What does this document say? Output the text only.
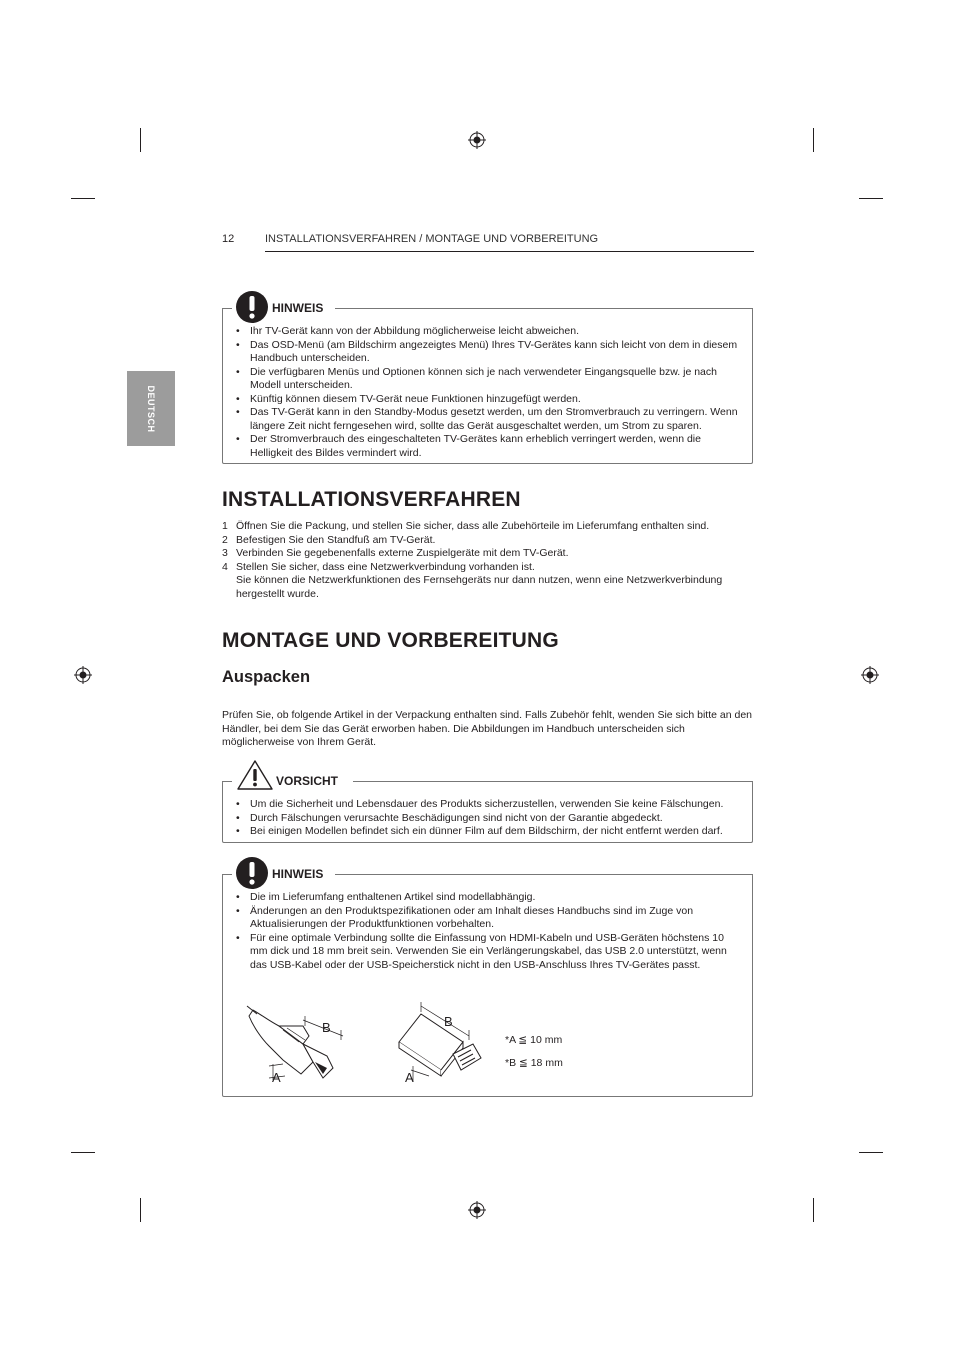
12	INSTALLATIONSVERFAHREN / MONTAGE UND VORBEREITUNG
DEUTSCH
• Ihr TV-Gerät kann von der Abbildung möglicherweise leicht abweichen.
• Das OSD-Menü (am Bildschirm angezeigtes Menü) Ihres TV-Gerätes kann sich leicht von dem in diesem Handbuch unterscheiden.
• Die verfügbaren Menüs und Optionen können sich je nach verwendeter Eingangsquelle bzw. je nach Modell unterscheiden.
• Künftig können diesem TV-Gerät neue Funktionen hinzugefügt werden.
• Das TV-Gerät kann in den Standby-Modus gesetzt werden, um den Stromverbrauch zu verringern. Wenn längere Zeit nicht ferngesehen wird, sollte das Gerät ausgeschaltet werden, um Strom zu sparen.
• Der Stromverbrauch des eingeschalteten TV-Gerätes kann erheblich verringert werden, wenn die Helligkeit des Bildes vermindert wird.
HINWEIS
INSTALLATIONSVERFAHREN
1 Öffnen Sie die Packung, und stellen Sie sicher, dass alle Zubehörteile im Lieferumfang enthalten sind.
2 Befestigen Sie den Standfuß am TV-Gerät.
3 Verbinden Sie gegebenenfalls externe Zuspielgeräte mit dem TV-Gerät.
4 Stellen Sie sicher, dass eine Netzwerkverbindung vorhanden ist.
Sie können die Netzwerkfunktionen des Fernsehgeräts nur dann nutzen, wenn eine Netzwerkverbindung hergestellt wurde.
MONTAGE UND VORBEREITUNG
Auspacken
Prüfen Sie, ob folgende Artikel in der Verpackung enthalten sind. Falls Zubehör fehlt, wenden Sie sich bitte an den Händler, bei dem Sie das Gerät erworben haben. Die Abbildungen im Handbuch unterscheiden sich möglicherweise von Ihrem Gerät.
• Um die Sicherheit und Lebensdauer des Produkts sicherzustellen, verwenden Sie keine Fälschungen.
• Durch Fälschungen verursachte Beschädigungen sind nicht von der Garantie abgedeckt.
• Bei einigen Modellen befindet sich ein dünner Film auf dem Bildschirm, der nicht entfernt werden darf.
VORSICHT
• Die im Lieferumfang enthaltenen Artikel sind modellabhängig.
• Änderungen an den Produktspezifikationen oder am Inhalt dieses Handbuchs sind im Zuge von Aktualisierungen der Produktfunktionen vorbehalten.
• Für eine optimale Verbindung sollte die Einfassung von HDMI-Kabeln und USB-Geräten höchstens 10 mm dick und 18 mm breit sein. Verwenden Sie ein Verlängerungskabel, das USB 2.0 unterstützt, wenn das USB-Kabel oder der USB-Speicherstick nicht in den USB-Anschluss Ihres TV-Gerätes passt.
B
A
B
A
*A ≦ 10 mm
*B ≦ 18 mm
HINWEIS
